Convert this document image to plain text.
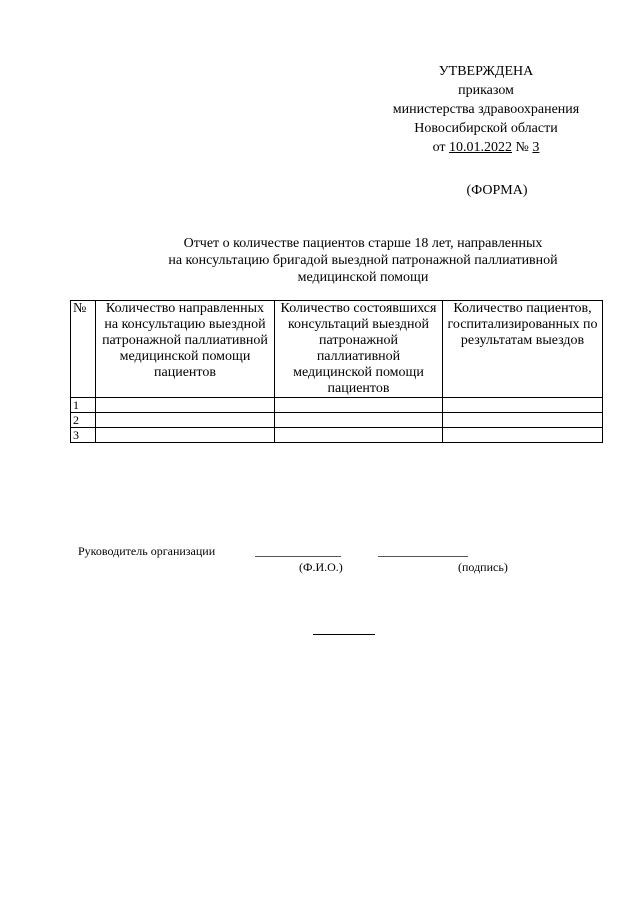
УТВЕРЖДЕНА
приказом
министерства здравоохранения
Новосибирской области
от 10.01.2022 № 3
(ФОРМА)
Отчет о количестве пациентов старше 18 лет, направленных
на консультацию бригадой выездной патронажной паллиативной
медицинской помощи
№	Количество направленных на консультацию выездной патронажной паллиативной медицинской помощи пациентов	Количество состоявшихся консультаций выездной патронажной паллиативной медицинской помощи пациентов	Количество пациентов, госпитализированных по результатам выездов
1			
2			
3			
Руководитель организации
(Ф.И.О.)	(подпись)
